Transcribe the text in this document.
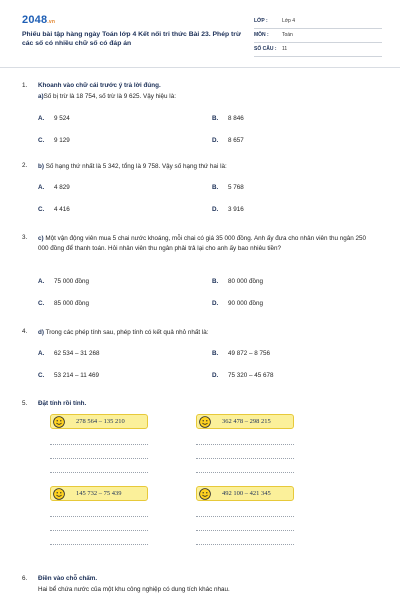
2048.vn
Phiếu bài tập hàng ngày Toán lớp 4 Kết nối tri thức Bài 23. Phép trừ các số có nhiều chữ số có đáp án
LỚP :	Lớp 4
MÔN :	Toán
SỐ CÂU : 11
1. Khoanh vào chữ cái trước ý trả lời đúng.
a)Số bị trừ là 18 754, số trừ là 9 625. Vậy hiệu là:
A. 9 524	B. 8 846
C. 9 129	D. 8 657
2. b) Số hạng thứ nhất là 5 342, tổng là 9 758. Vậy số hạng thứ hai là:
A. 4 829	B. 5 768
C. 4 416	D. 3 916
3. c) Một vận động viên mua 5 chai nước khoáng, mỗi chai có giá 35 000 đồng. Anh ấy đưa cho nhân viên thu ngân 250 000 đồng để thanh toán. Hỏi nhân viên thu ngân phải trả lại cho anh ấy bao nhiêu tiền?
A. 75 000 đồng	B. 80 000 đồng
C. 85 000 đồng	D. 90 000 đồng
4. d) Trong các phép tính sau, phép tính có kết quả nhỏ nhất là:
A. 62 534 – 31 268	B. 49 872 – 8 756
C. 53 214 – 11 469	D. 75 320 – 45 678
5. Đặt tính rồi tính.
278 564 – 135 210	362 478 – 298 215
145 732 – 75 439	492 100 – 421 345
6. Điền vào chỗ chấm.
Hai bể chứa nước của một khu công nghiệp có dung tích khác nhau.
